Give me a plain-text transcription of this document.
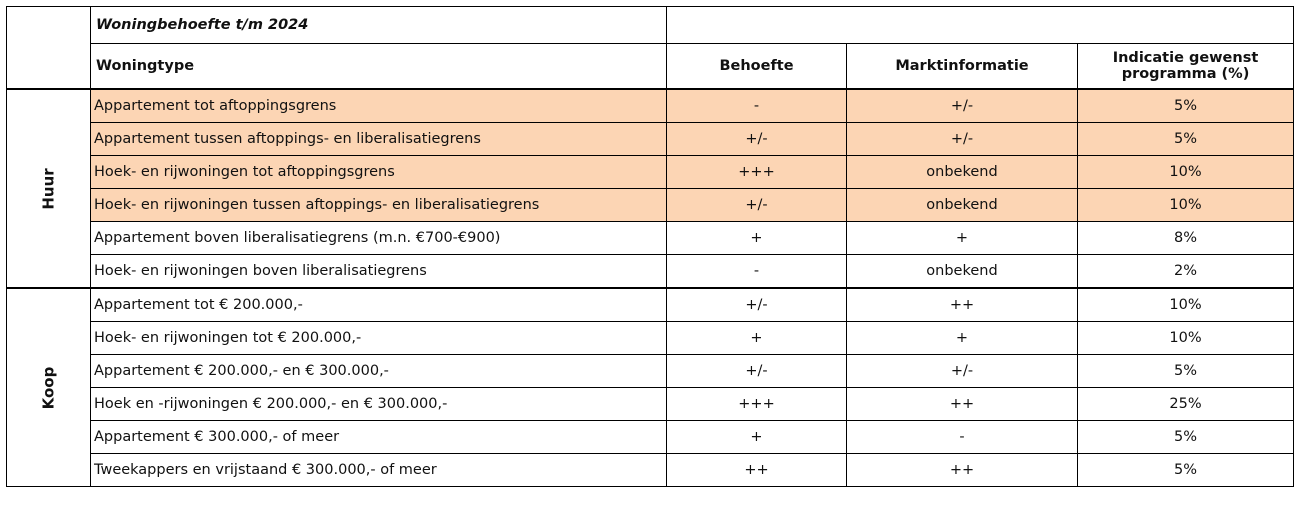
	Woningbehoefte t/m 2024			
	Woningtype	Behoefte	Marktinformatie	Indicatie gewenst programma (%)
Huur	Appartement tot aftoppingsgrens	-	+/-	5%
	Appartement tussen aftoppings- en liberalisatiegrens	+/-	+/-	5%
	Hoek- en rijwoningen tot aftoppingsgrens	+++	onbekend	10%
	Hoek- en rijwoningen tussen aftoppings- en liberalisatiegrens	+/-	onbekend	10%
	Appartement boven liberalisatiegrens (m.n. €700-€900)	+	+	8%
	Hoek- en rijwoningen boven liberalisatiegrens	-	onbekend	2%
Koop	Appartement tot € 200.000,-	+/-	++	10%
	Hoek- en rijwoningen tot € 200.000,-	+	+	10%
	Appartement € 200.000,- en € 300.000,-	+/-	+/-	5%
	Hoek en -rijwoningen € 200.000,- en € 300.000,-	+++	++	25%
	Appartement € 300.000,- of meer	+	-	5%
	Tweekappers en vrijstaand € 300.000,- of meer	++	++	5%
